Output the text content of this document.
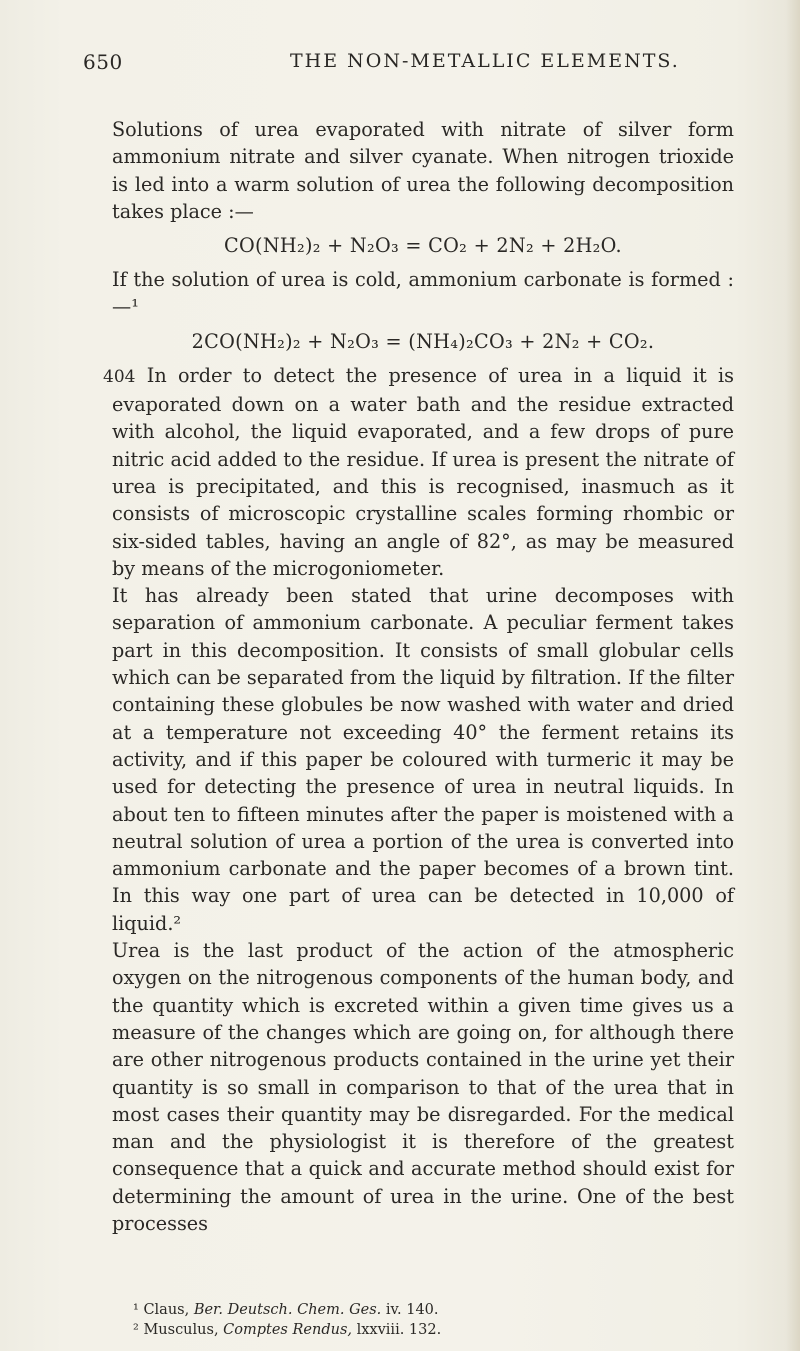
650	THE NON-METALLIC ELEMENTS.

Solutions of urea evaporated with nitrate of silver form ammonium nitrate and silver cyanate. When nitrogen trioxide is led into a warm solution of urea the following decomposition takes place :—

CO(NH₂)₂ + N₂O₃ = CO₂ + 2N₂ + 2H₂O.

If the solution of urea is cold, ammonium carbonate is formed :—¹

2CO(NH₂)₂ + N₂O₃ = (NH₄)₂CO₃ + 2N₂ + CO₂.

404 In order to detect the presence of urea in a liquid it is evaporated down on a water bath and the residue extracted with alcohol, the liquid evaporated, and a few drops of pure nitric acid added to the residue. If urea is present the nitrate of urea is precipitated, and this is recognised, inasmuch as it consists of microscopic crystalline scales forming rhombic or six-sided tables, having an angle of 82°, as may be measured by means of the microgoniometer.

It has already been stated that urine decomposes with separation of ammonium carbonate. A peculiar ferment takes part in this decomposition. It consists of small globular cells which can be separated from the liquid by filtration. If the filter containing these globules be now washed with water and dried at a temperature not exceeding 40° the ferment retains its activity, and if this paper be coloured with turmeric it may be used for detecting the presence of urea in neutral liquids. In about ten to fifteen minutes after the paper is moistened with a neutral solution of urea a portion of the urea is converted into ammonium carbonate and the paper becomes of a brown tint. In this way one part of urea can be detected in 10,000 of liquid.²

Urea is the last product of the action of the atmospheric oxygen on the nitrogenous components of the human body, and the quantity which is excreted within a given time gives us a measure of the changes which are going on, for although there are other nitrogenous products contained in the urine yet their quantity is so small in comparison to that of the urea that in most cases their quantity may be disregarded. For the medical man and the physiologist it is therefore of the greatest consequence that a quick and accurate method should exist for determining the amount of urea in the urine. One of the best processes

¹ Claus, Ber. Deutsch. Chem. Ges. iv. 140.

² Musculus, Comptes Rendus, lxxviii. 132.
